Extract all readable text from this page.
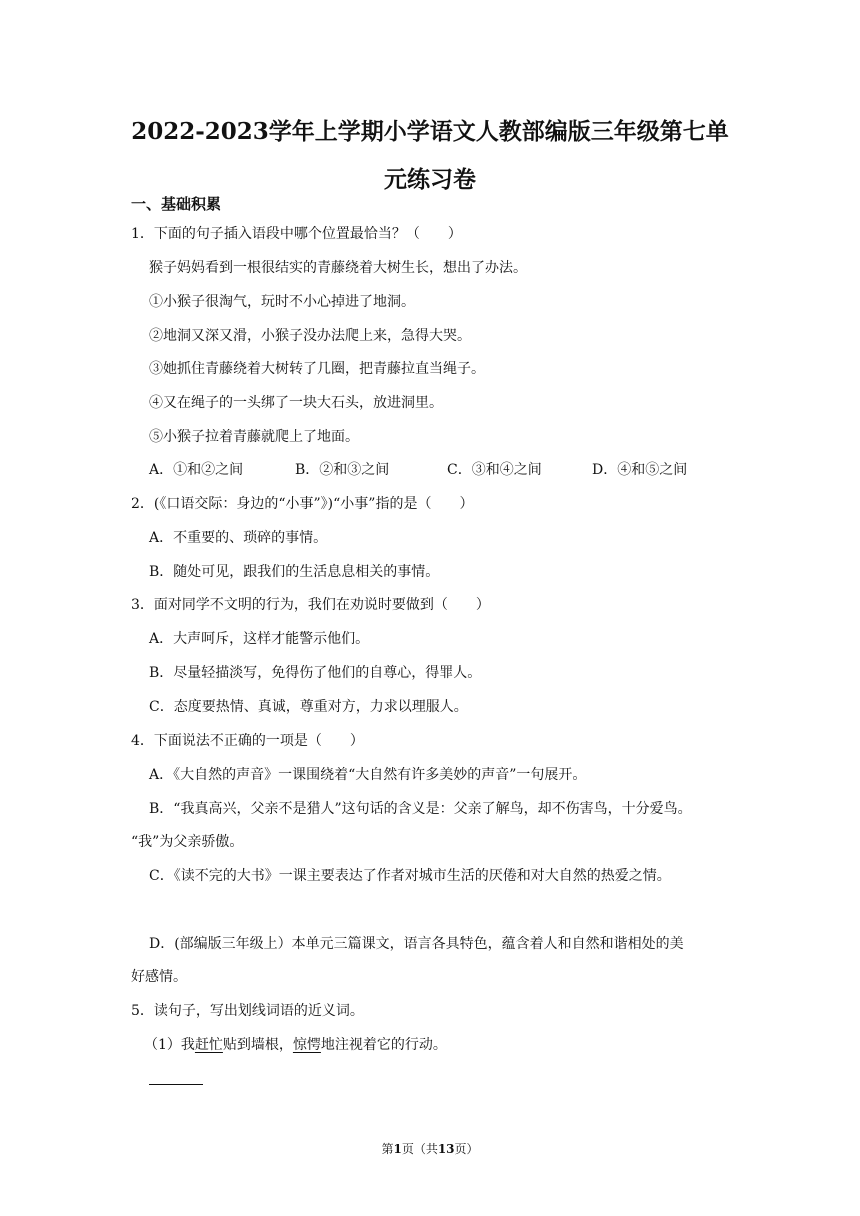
2022-2023学年上学期小学语文人教部编版三年级第七单元练习卷
一、基础积累

1．下面的句子插入语段中哪个位置最恰当？（　　）

猴子妈妈看到一根很结实的青藤绕着大树生长，想出了办法。

①小猴子很淘气，玩时不小心掉进了地洞。

②地洞又深又滑，小猴子没办法爬上来，急得大哭。

③她抓住青藤绕着大树转了几圈，把青藤拉直当绳子。

④又在绳子的一头绑了一块大石头，放进洞里。

⑤小猴子拉着青藤就爬上了地面。

A．①和②之间	B．②和③之间	C．③和④之间	D．④和⑤之间

2．(《口语交际：身边的“小事”》)“小事”指的是（　　）

A．不重要的、琐碎的事情。

B．随处可见，跟我们的生活息息相关的事情。

3．面对同学不文明的行为，我们在劝说时要做到（　　）

A．大声呵斥，这样才能警示他们。

B．尽量轻描淡写，免得伤了他们的自尊心，得罪人。

C．态度要热情、真诚，尊重对方，力求以理服人。

4．下面说法不正确的一项是（　　）

A．《大自然的声音》一课围绕着“大自然有许多美妙的声音”一句展开。

B．“我真高兴，父亲不是猎人”这句话的含义是：父亲了解鸟，却不伤害鸟，十分爱鸟。

“我”为父亲骄傲。

C．《读不完的大书》一课主要表达了作者对城市生活的厌倦和对大自然的热爱之情。

D．(部编版三年级上）本单元三篇课文，语言各具特色，蕴含着人和自然和谐相处的美

好感情。

5．读句子，写出划线词语的近义词。

（1）我赶忙贴到墙根，惊愕地注视着它的行动。

第1页（共13页）
